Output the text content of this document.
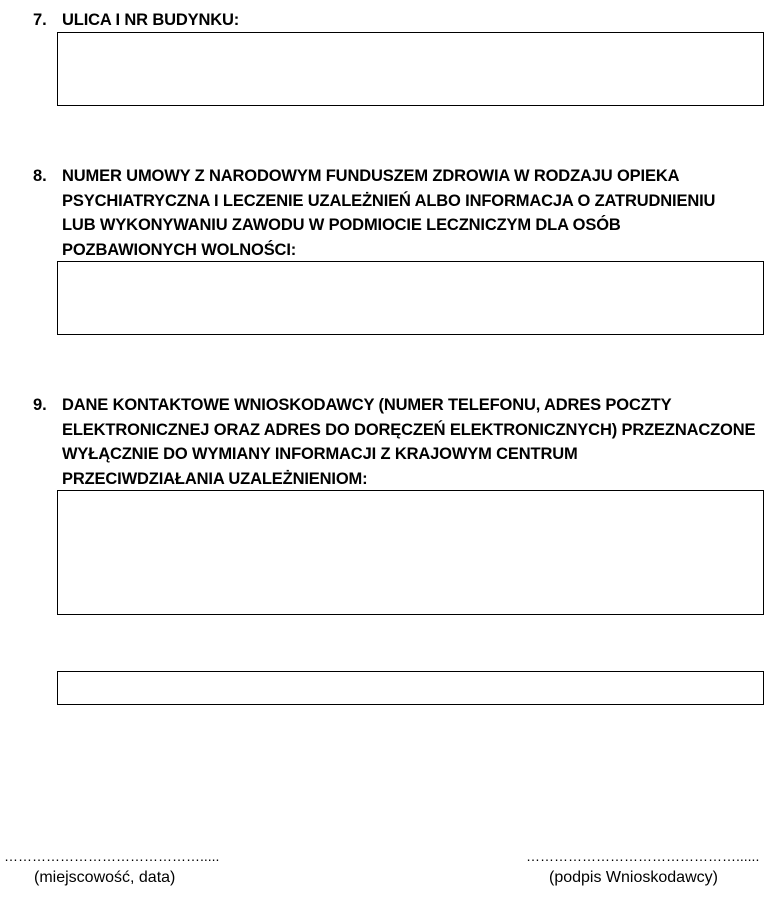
7. ULICA I NR BUDYNKU:
8. NUMER UMOWY Z NARODOWYM FUNDUSZEM ZDROWIA W RODZAJU OPIEKA
PSYCHIATRYCZNA I LECZENIE UZALEŻNIEŃ ALBO INFORMACJA O ZATRUDNIENIU
LUB WYKONYWANIU ZAWODU W PODMIOCIE LECZNICZYM DLA OSÓB
POZBAWIONYCH WOLNOŚCI:
9. DANE KONTAKTOWE WNIOSKODAWCY (NUMER TELEFONU, ADRES POCZTY
ELEKTRONICZNEJ ORAZ ADRES DO DORĘCZEŃ ELEKTRONICZNYCH) PRZEZNACZONE
WYŁĄCZNIE DO WYMIANY INFORMACJI Z KRAJOWYM CENTRUM
PRZECIWDZIAŁANIA UZALEŻNIENIOM:
…………………………………….....
(miejscowość, data)
………………………………………......
(podpis Wnioskodawcy)
